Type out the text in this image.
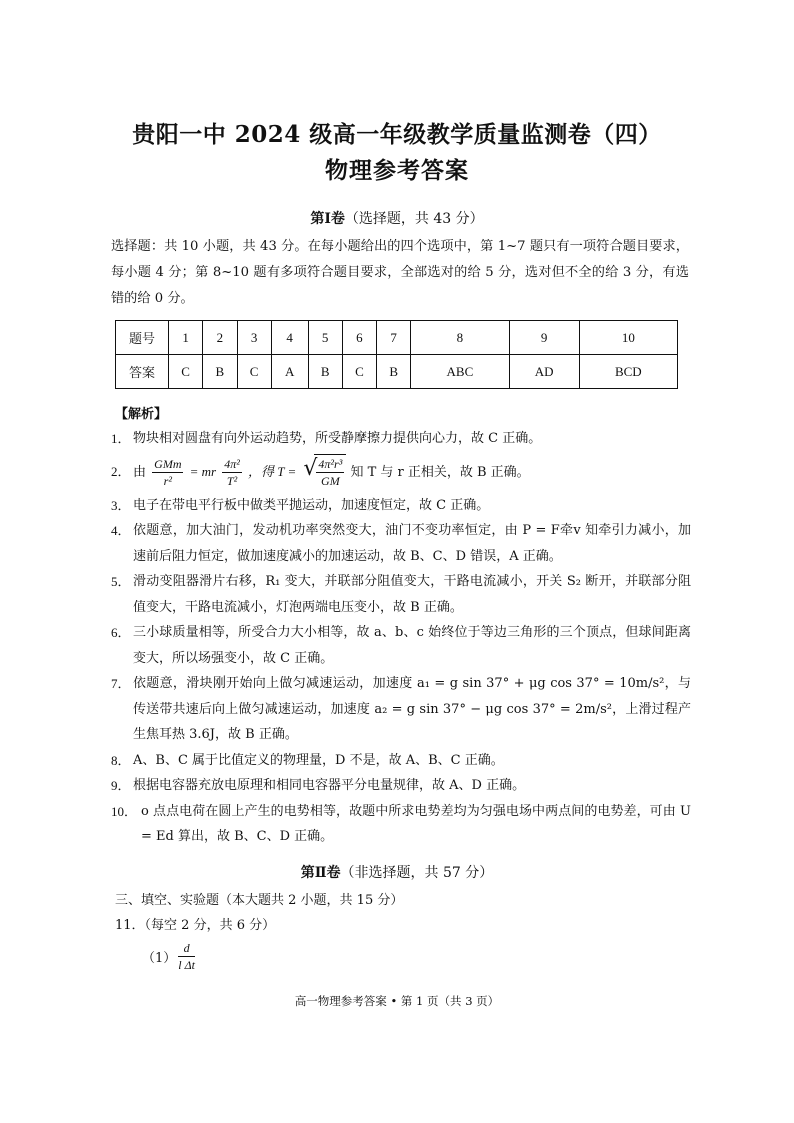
贵阳一中 2024 级高一年级教学质量监测卷（四）
物理参考答案
第Ⅰ卷（选择题，共 43 分）
选择题：共 10 小题，共 43 分。在每小题给出的四个选项中，第 1~7 题只有一项符合题目要求，每小题 4 分；第 8~10 题有多项符合题目要求，全部选对的给 5 分，选对但不全的给 3 分，有选错的给 0 分。
题号	1	2	3	4	5	6	7	8	9	10
答案	C	B	C	A	B	C	B	ABC	AD	BCD
【解析】
1． 物块相对圆盘有向外运动趋势，所受静摩擦力提供向心力，故 C 正确。
2． 由 $\frac{\text{GMm}}{\text{r²}}$ = mr $\frac{\text{4π²}}{\text{T²}}$ ，得 T = √ $\frac{\text{4π²r³}}{GM}$ 知 T 与 r 正相关，故 B 正确。
3． 电子在带电平行板中做类平抛运动，加速度恒定，故 C 正确。
4． 依题意，加大油门，发动机功率突然变大，油门不变功率恒定，由 P = F牵v 知牵引力减小，加速前后阻力恒定，做加速度减小的加速运动，故 B、C、D 错误，A 正确。
5． 滑动变阻器滑片右移，R₁ 变大，并联部分阻值变大，干路电流减小，开关 S₂ 断开，并联部分阻值变大，干路电流减小，灯泡两端电压变小，故 B 正确。
6． 三小球质量相等，所受合力大小相等，故 a、b、c 始终位于等边三角形的三个顶点，但球间距离变大，所以场强变小，故 C 正确。
7． 依题意，滑块刚开始向上做匀减速运动，加速度 a₁ = g sin 37° + μg cos 37° = 10m/s²，与传送带共速后向上做匀减速运动，加速度 a₂ = g sin 37° − μg cos 37° = 2m/s²，上滑过程产生焦耳热 3.6J，故 B 正确。
8． A、B、C 属于比值定义的物理量，D 不是，故 A、B、C 正确。
9． 根据电容器充放电原理和相同电容器平分电量规律，故 A、D 正确。
10． o 点点电荷在圆上产生的电势相等，故题中所求电势差均为匀强电场中两点间的电势差，可由 U = Ed 算出，故 B、C、D 正确。
第Ⅱ卷（非选择题，共 57 分）
三、填空、实验题（本大题共 2 小题，共 15 分）
11．（每空 2 分，共 6 分）
$(1) \frac{d}{\text{l Δt}}$
高一物理参考答案 • 第 1 页（共 3 页）
